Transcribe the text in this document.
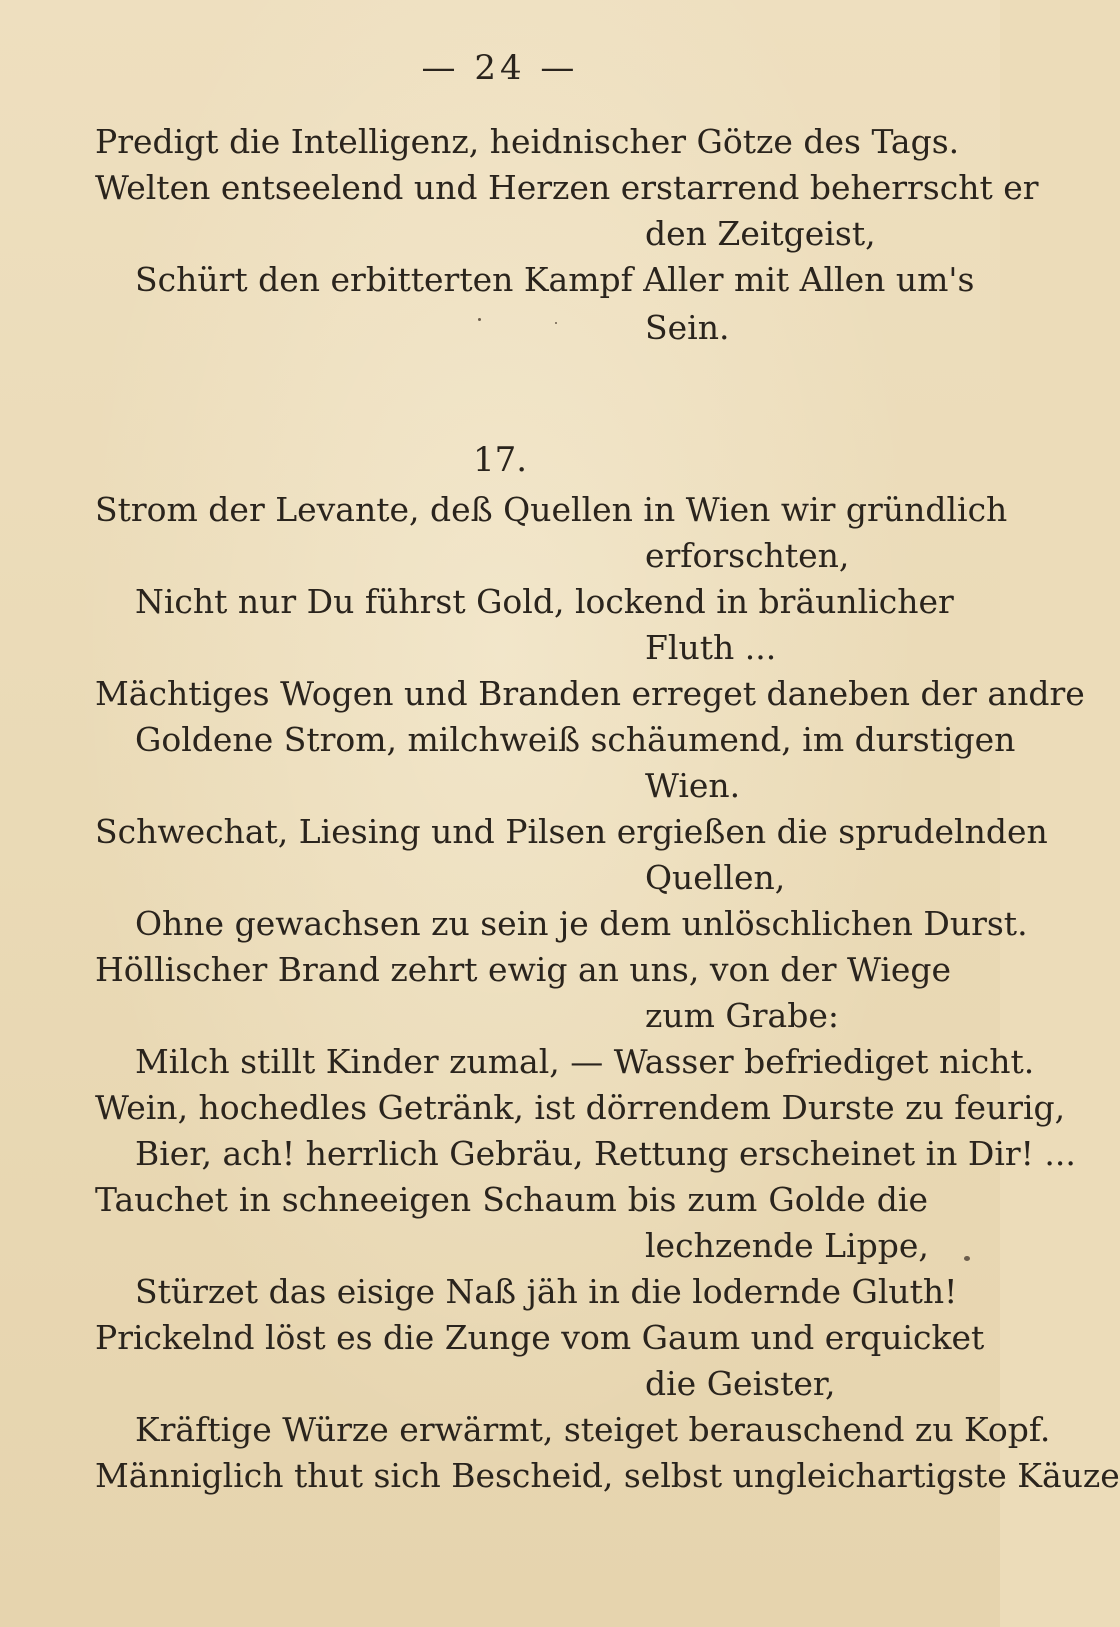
— 24 —
Predigt die Intelligenz, heidnischer Götze des Tags.
Welten entseelend und Herzen erstarrend beherrscht er
den Zeitgeist,
Schürt den erbitterten Kampf Aller mit Allen um's
Sein.
17.
Strom der Levante, deß Quellen in Wien wir gründlich
erforschten,
Nicht nur Du führst Gold, lockend in bräunlicher
Fluth ...
Mächtiges Wogen und Branden erreget daneben der andre
Goldene Strom, milchweiß schäumend, im durstigen
Wien.
Schwechat, Liesing und Pilsen ergießen die sprudelnden
Quellen,
Ohne gewachsen zu sein je dem unlöschlichen Durst.
Höllischer Brand zehrt ewig an uns, von der Wiege
zum Grabe:
Milch stillt Kinder zumal, — Wasser befriediget nicht.
Wein, hochedles Getränk, ist dörrendem Durste zu feurig,
Bier, ach! herrlich Gebräu, Rettung erscheinet in Dir! ...
Tauchet in schneeigen Schaum bis zum Golde die
lechzende Lippe,
Stürzet das eisige Naß jäh in die lodernde Gluth!
Prickelnd löst es die Zunge vom Gaum und erquicket
die Geister,
Kräftige Würze erwärmt, steiget berauschend zu Kopf.
Männiglich thut sich Bescheid, selbst ungleichartigste Käuze
